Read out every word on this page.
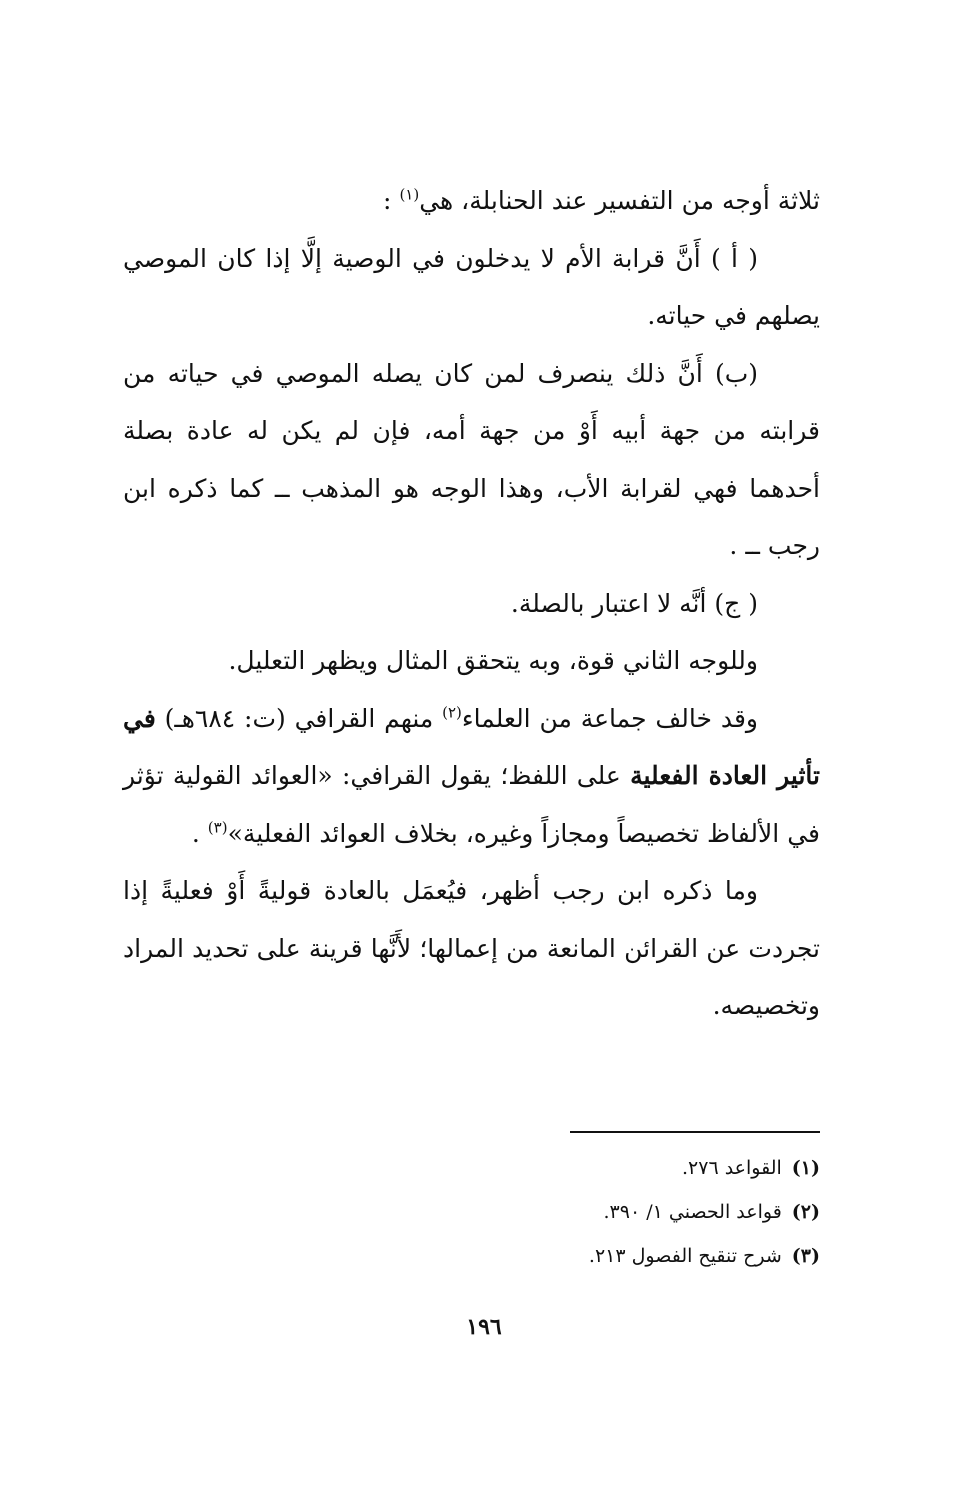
ثلاثة أوجه من التفسير عند الحنابلة، هي$^{(١)}$ :

( أ ) أَنَّ قرابة الأم لا يدخلون في الوصية إلَّا إذا كان الموصي يصلهم في حياته.

(ب) أَنَّ ذلك ينصرف لمن كان يصله الموصي في حياته من قرابته من جهة أبيه أَوْ من جهة أمه، فإن لم يكن له عادة بصلة أحدهما فهي لقرابة الأب، وهذا الوجه هو المذهب ــ كما ذكره ابن رجب ــ .

( ج) أنَّه لا اعتبار بالصلة.

وللوجه الثاني قوة، وبه يتحقق المثال ويظهر التعليل.

وقد خالف جماعة من العلماء$^{(٢)}$ منهم القرافي (ت: ٦٨٤هـ) في تأثير العادة الفعلية على اللفظ؛ يقول القرافي: «العوائد القولية تؤثر في الألفاظ تخصيصاً ومجازاً وغيره، بخلاف العوائد الفعلية»$^{(٣)}$ .

وما ذكره ابن رجب أظهر، فيُعمَل بالعادة قوليةً أَوْ فعليةً إذا تجردت عن القرائن المانعة من إعمالها؛ لأَنَّها قرينة على تحديد المراد وتخصيصه.

(١)القواعد ٢٧٦.

(٢)قواعد الحصني ١/ ٣٩٠.

(٣)شرح تنقيح الفصول ٢١٣.

١٩٦
